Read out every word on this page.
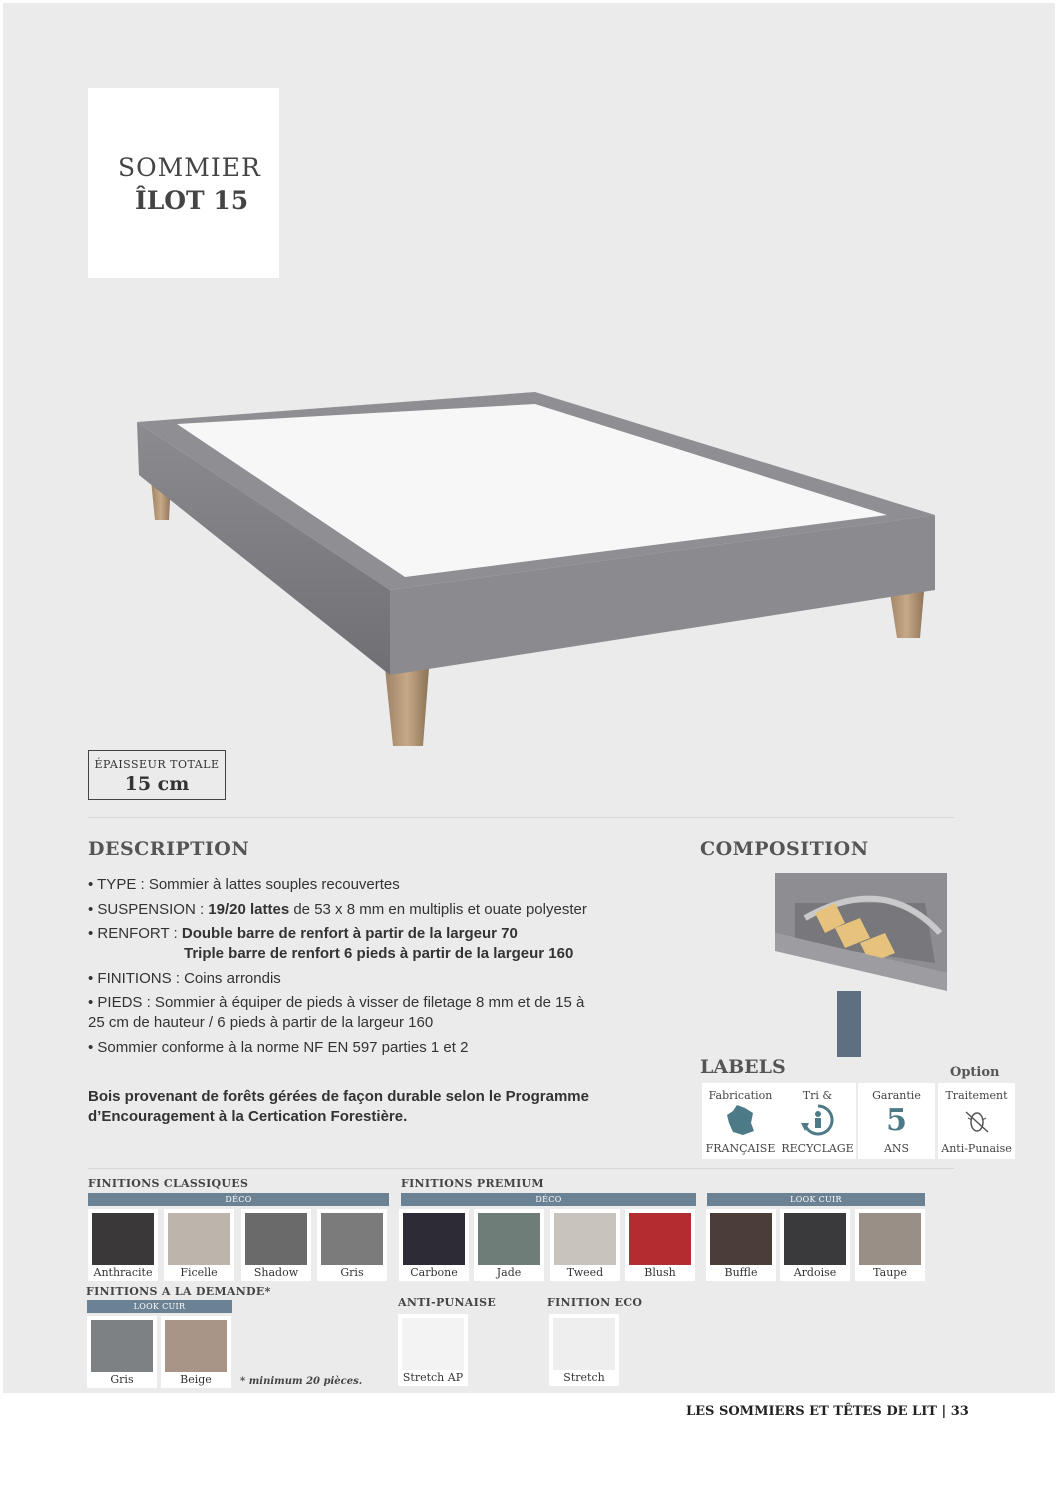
SOMMIER
ÎLOT 15
ÉPAISSEUR TOTALE
15 cm
DESCRIPTION	COMPOSITION
• TYPE : Sommier à lattes souples recouvertes
• SUSPENSION : 19/20 lattes de 53 x 8 mm en multiplis et ouate polyester
• RENFORT : Double barre de renfort à partir de la largeur 70
Triple barre de renfort 6 pieds à partir de la largeur 160
• FINITIONS : Coins arrondis
• PIEDS : Sommier à équiper de pieds à visser de filetage 8 mm et de 15 à
25 cm de hauteur / 6 pieds à partir de la largeur 160
• Sommier conforme à la norme NF EN 597 parties 1 et 2
Bois provenant de forêts gérées de façon durable selon le Programme
d’Encouragement à la Certication Forestière.
LABELS	Option
Fabrication
FRANÇAISE
Tri &
RECYCLAGE
Garantie
5
ANS
Traitement
Anti-Punaise
FINITIONS CLASSIQUES
DÉCO
Anthracite	Ficelle	Shadow	Gris
FINITIONS PREMIUM
DÉCO	LOOK CUIR
Carbone	Jade	Tweed	Blush	Buffle	Ardoise	Taupe
FINITIONS A LA DEMANDE*
LOOK CUIR
Gris	Beige	* minimum 20 pièces.
ANTI-PUNAISE	FINITION ECO
Stretch AP	Stretch
LES SOMMIERS ET TÊTES DE LIT | 33
